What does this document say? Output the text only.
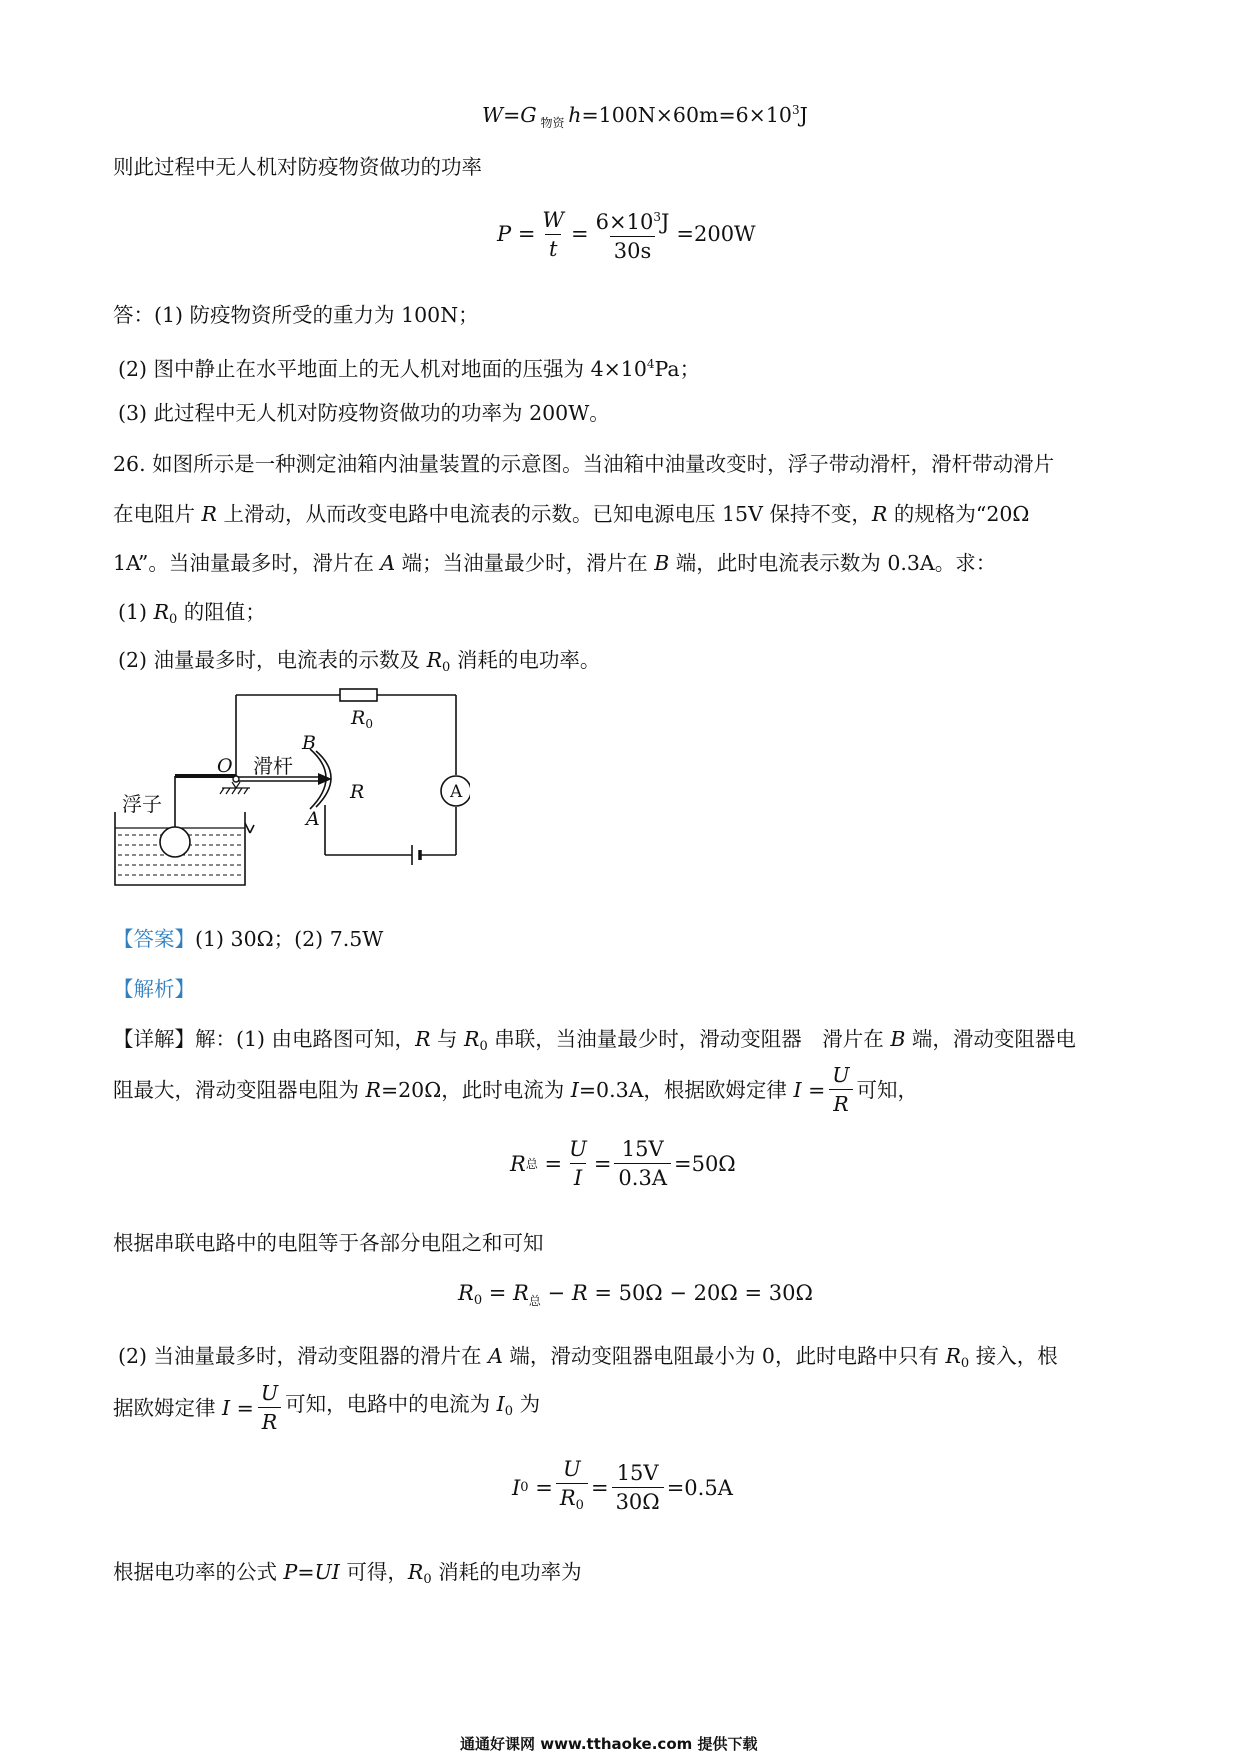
W=G $_{物资}$ $h=100N\times 60m=6\times 10^3J$
则此过程中无人机对防疫物资做功的功率
$P = \frac{W}{t} = \frac{6\times 10^3J}{30s} =200W$
答：(1) 防疫物资所受的重力为 100N；
(2) 图中静止在水平地面上的无人机对地面的压强为 $4\times 10^4Pa$；
(3) 此过程中无人机对防疫物资做功的功率为 200W。
26. 如图所示是一种测定油箱内油量装置的示意图。当油箱中油量改变时，浮子带动滑杆，滑杆带动滑片
在电阻片 R 上滑动，从而改变电路中电流表的示数。已知电源电压 15V 保持不变，R 的规格为“20Ω
1A”。当油量最多时，滑片在 A 端；当油量最少时，滑片在 B 端，此时电流表示数为 0.3A。求：
(1) $R_0$ 的阻值；
(2) 油量最多时，电流表的示数及 $R_0$ 消耗的电功率。
$R_0$
B
O 滑杆
R
A
A
浮子
【答案】(1) 30Ω；(2) 7.5W
【解析】
【详解】解：(1) 由电路图可知，R 与 $R_0$ 串联，当油量最少时，滑动变阻器　滑片在 B 端，滑动变阻器电
阻最大，滑动变阻器电阻为 R=20Ω，此时电流为 I=0.3A，根据欧姆定律 $I = \frac{U}{R}$ 可知，
R 总 = $\frac{U}{I} = \frac{15V}{0.3A} =50\Omega$
根据串联电路中的电阻等于各部分电阻之和可知
$R_0 = R_总 - R = 50\Omega - 20\Omega = 30\Omega$
(2) 当油量最多时，滑动变阻器的滑片在 A 端，滑动变阻器电阻最小为 0，此时电路中只有 $R_0$ 接入，根
据欧姆定律 $I = \frac{U}{R}$ 可知，电路中的电流为 $I_0$ 为
I $0 = \frac{U}{R_0} = \frac{15V}{30\Omega} =0.5A$
根据电功率的公式 P=UI 可得，$R_0$ 消耗的电功率为
通通好课网 www.tthaoke.com 提供下载
